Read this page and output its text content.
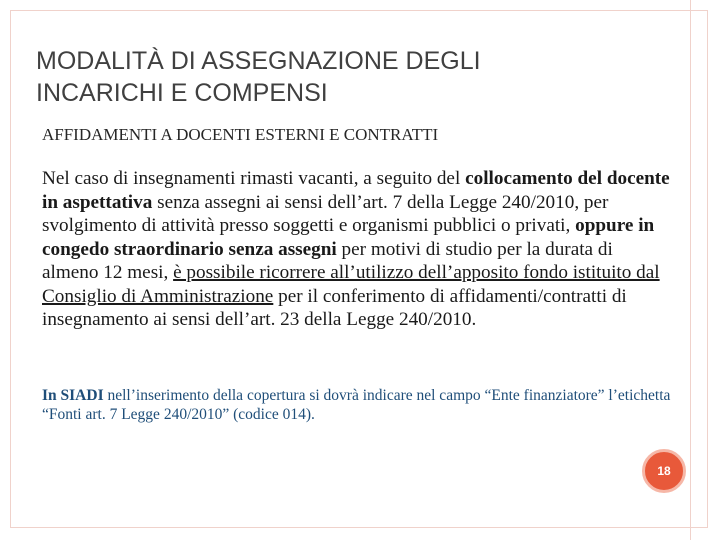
MODALITÀ DI ASSEGNAZIONE DEGLI
INCARICHI E COMPENSI

AFFIDAMENTI A DOCENTI ESTERNI E CONTRATTI

Nel caso di insegnamenti rimasti vacanti, a seguito del collocamento del docente in aspettativa senza assegni ai sensi dell’art. 7 della Legge 240/2010, per svolgimento di attività presso soggetti e organismi pubblici o privati, oppure in congedo straordinario senza assegni per motivi di studio per la durata di almeno 12 mesi, è possibile ricorrere all’utilizzo dell’apposito fondo istituito dal Consiglio di Amministrazione per il conferimento di affidamenti/contratti di insegnamento ai sensi dell’art. 23 della Legge 240/2010.

In SIADI nell’inserimento della copertura si dovrà indicare nel campo “Ente finanziatore” l’etichetta “Fonti art. 7 Legge 240/2010” (codice 014).

18
